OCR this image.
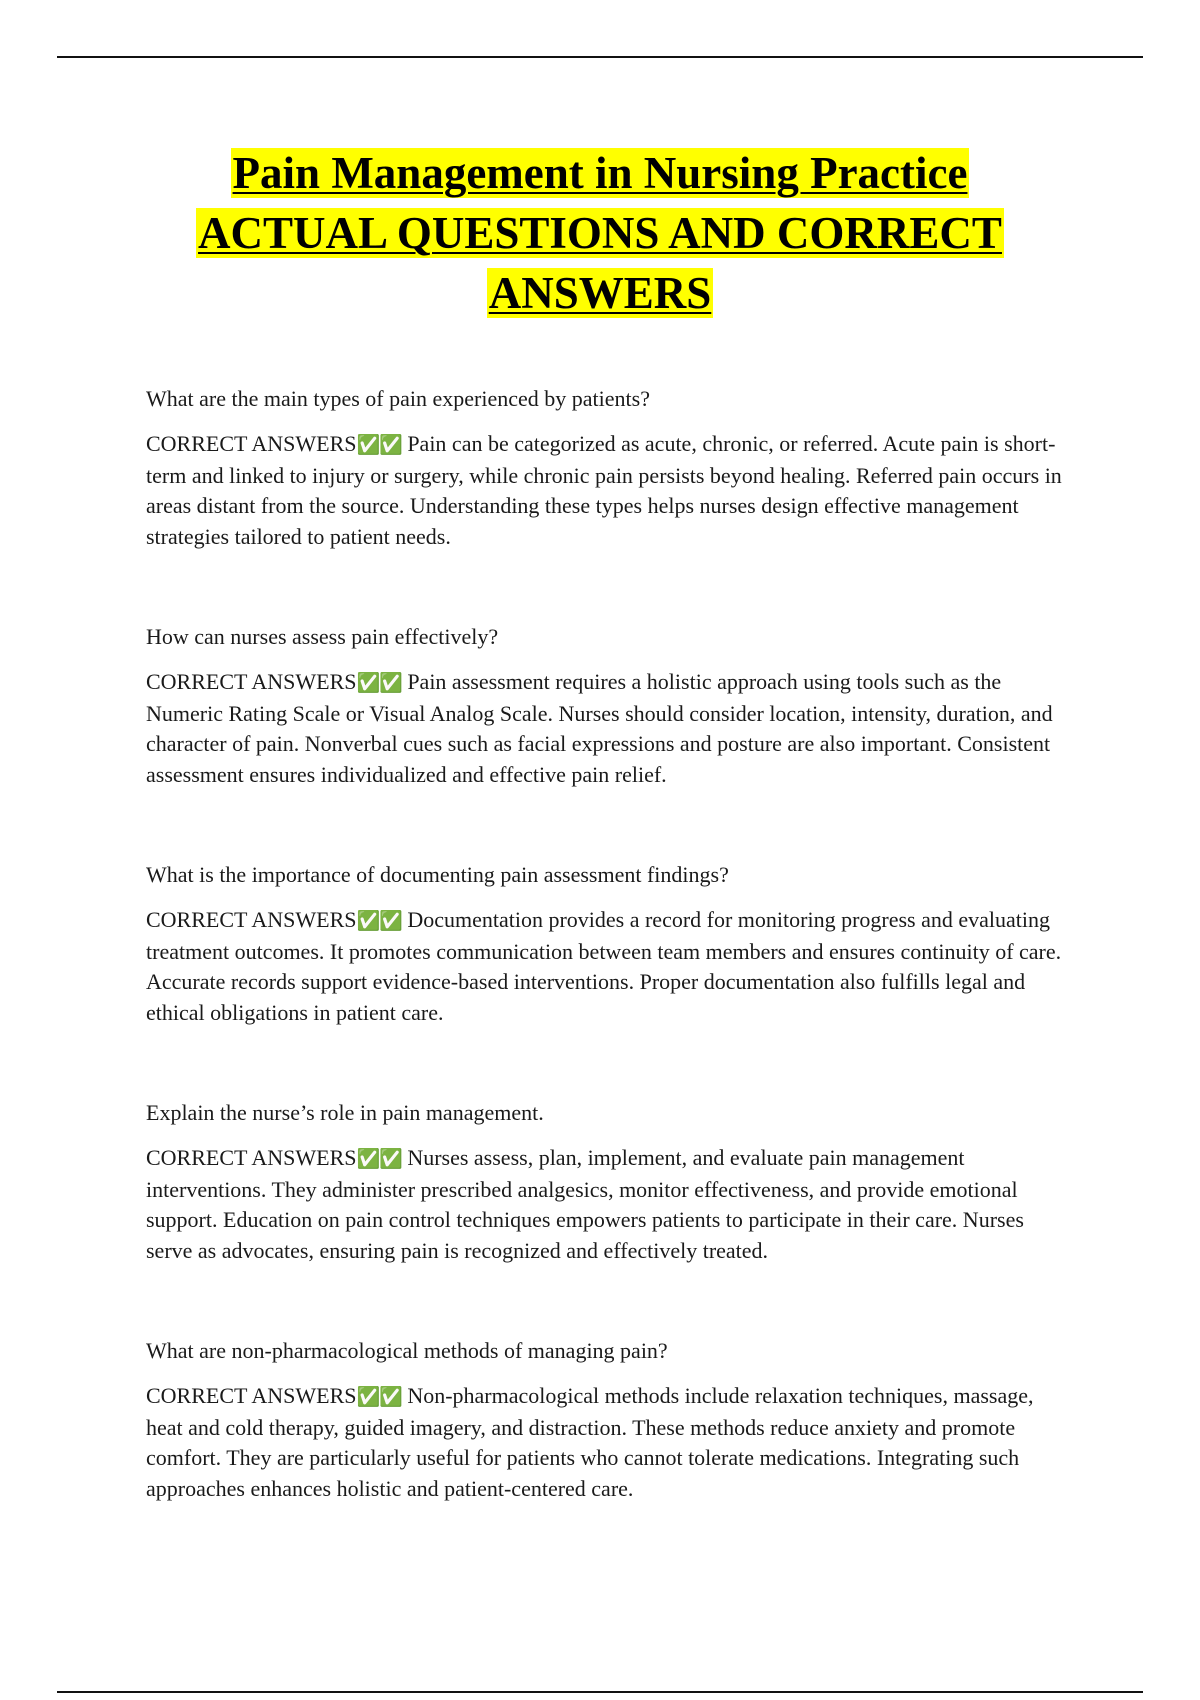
Pain Management in Nursing Practice
ACTUAL QUESTIONS AND CORRECT
ANSWERS

What are the main types of pain experienced by patients?

CORRECT ANSWERS✅✅ Pain can be categorized as acute, chronic, or referred. Acute pain is short-term and linked to injury or surgery, while chronic pain persists beyond healing. Referred pain occurs in areas distant from the source. Understanding these types helps nurses design effective management strategies tailored to patient needs.

How can nurses assess pain effectively?

CORRECT ANSWERS✅✅ Pain assessment requires a holistic approach using tools such as the Numeric Rating Scale or Visual Analog Scale. Nurses should consider location, intensity, duration, and character of pain. Nonverbal cues such as facial expressions and posture are also important. Consistent assessment ensures individualized and effective pain relief.

What is the importance of documenting pain assessment findings?

CORRECT ANSWERS✅✅ Documentation provides a record for monitoring progress and evaluating treatment outcomes. It promotes communication between team members and ensures continuity of care. Accurate records support evidence-based interventions. Proper documentation also fulfills legal and ethical obligations in patient care.

Explain the nurse’s role in pain management.

CORRECT ANSWERS✅✅ Nurses assess, plan, implement, and evaluate pain management interventions. They administer prescribed analgesics, monitor effectiveness, and provide emotional support. Education on pain control techniques empowers patients to participate in their care. Nurses serve as advocates, ensuring pain is recognized and effectively treated.

What are non-pharmacological methods of managing pain?

CORRECT ANSWERS✅✅ Non-pharmacological methods include relaxation techniques, massage, heat and cold therapy, guided imagery, and distraction. These methods reduce anxiety and promote comfort. They are particularly useful for patients who cannot tolerate medications. Integrating such approaches enhances holistic and patient-centered care.
